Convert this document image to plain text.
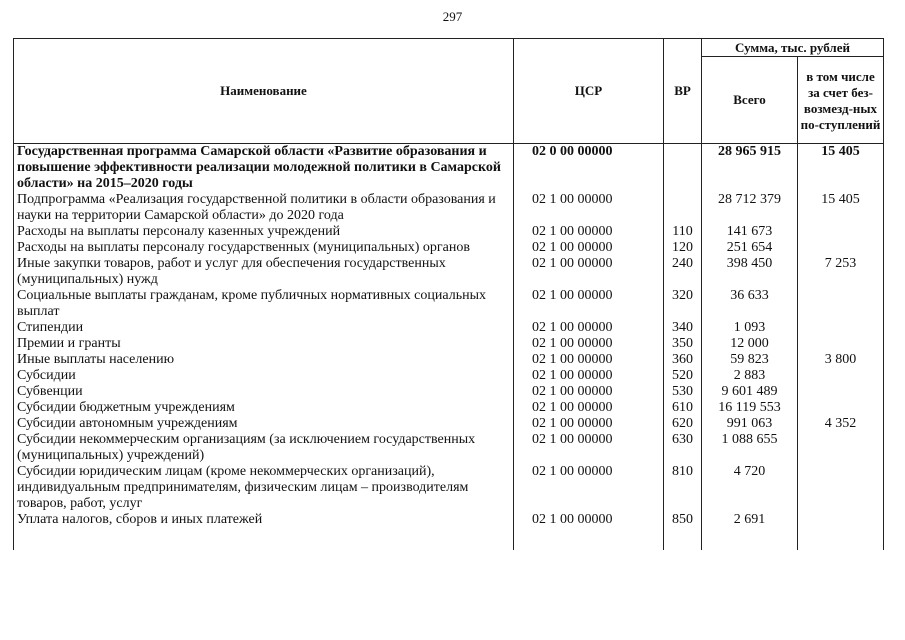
297
Наименование	ЦСР	ВР	Сумма, тыс. рублей	
			Всего	в том числе за счет без-возмезд-ных по-ступлений
Государственная программа Самарской области «Развитие образования и повышение эффективности реализации молодежной политики в Самарской области» на 2015–2020 годы	02 0 00 00000		28 965 915	15 405
Подпрограмма «Реализация государственной политики в области образования и науки на территории Самарской области» до 2020 года	02 1 00 00000		28 712 379	15 405
Расходы на выплаты персоналу казенных учреждений	02 1 00 00000	110	141 673	
Расходы на выплаты персоналу государственных (муниципальных) органов	02 1 00 00000	120	251 654	
Иные закупки товаров, работ и услуг для обеспечения государственных (муниципальных) нужд	02 1 00 00000	240	398 450	7 253
Социальные выплаты гражданам, кроме публичных нормативных социальных выплат	02 1 00 00000	320	36 633	
Стипендии	02 1 00 00000	340	1 093	
Премии и гранты	02 1 00 00000	350	12 000	
Иные выплаты населению	02 1 00 00000	360	59 823	3 800
Субсидии	02 1 00 00000	520	2 883	
Субвенции	02 1 00 00000	530	9 601 489	
Субсидии бюджетным учреждениям	02 1 00 00000	610	16 119 553	
Субсидии автономным учреждениям	02 1 00 00000	620	991 063	4 352
Субсидии некоммерческим организациям (за исключением государственных (муниципальных) учреждений)	02 1 00 00000	630	1 088 655	
Субсидии юридическим лицам (кроме некоммерческих организаций), индивидуальным предпринимателям, физическим лицам – производителям товаров, работ, услуг	02 1 00 00000	810	4 720	
Уплата налогов, сборов и иных платежей	02 1 00 00000	850	2 691	
